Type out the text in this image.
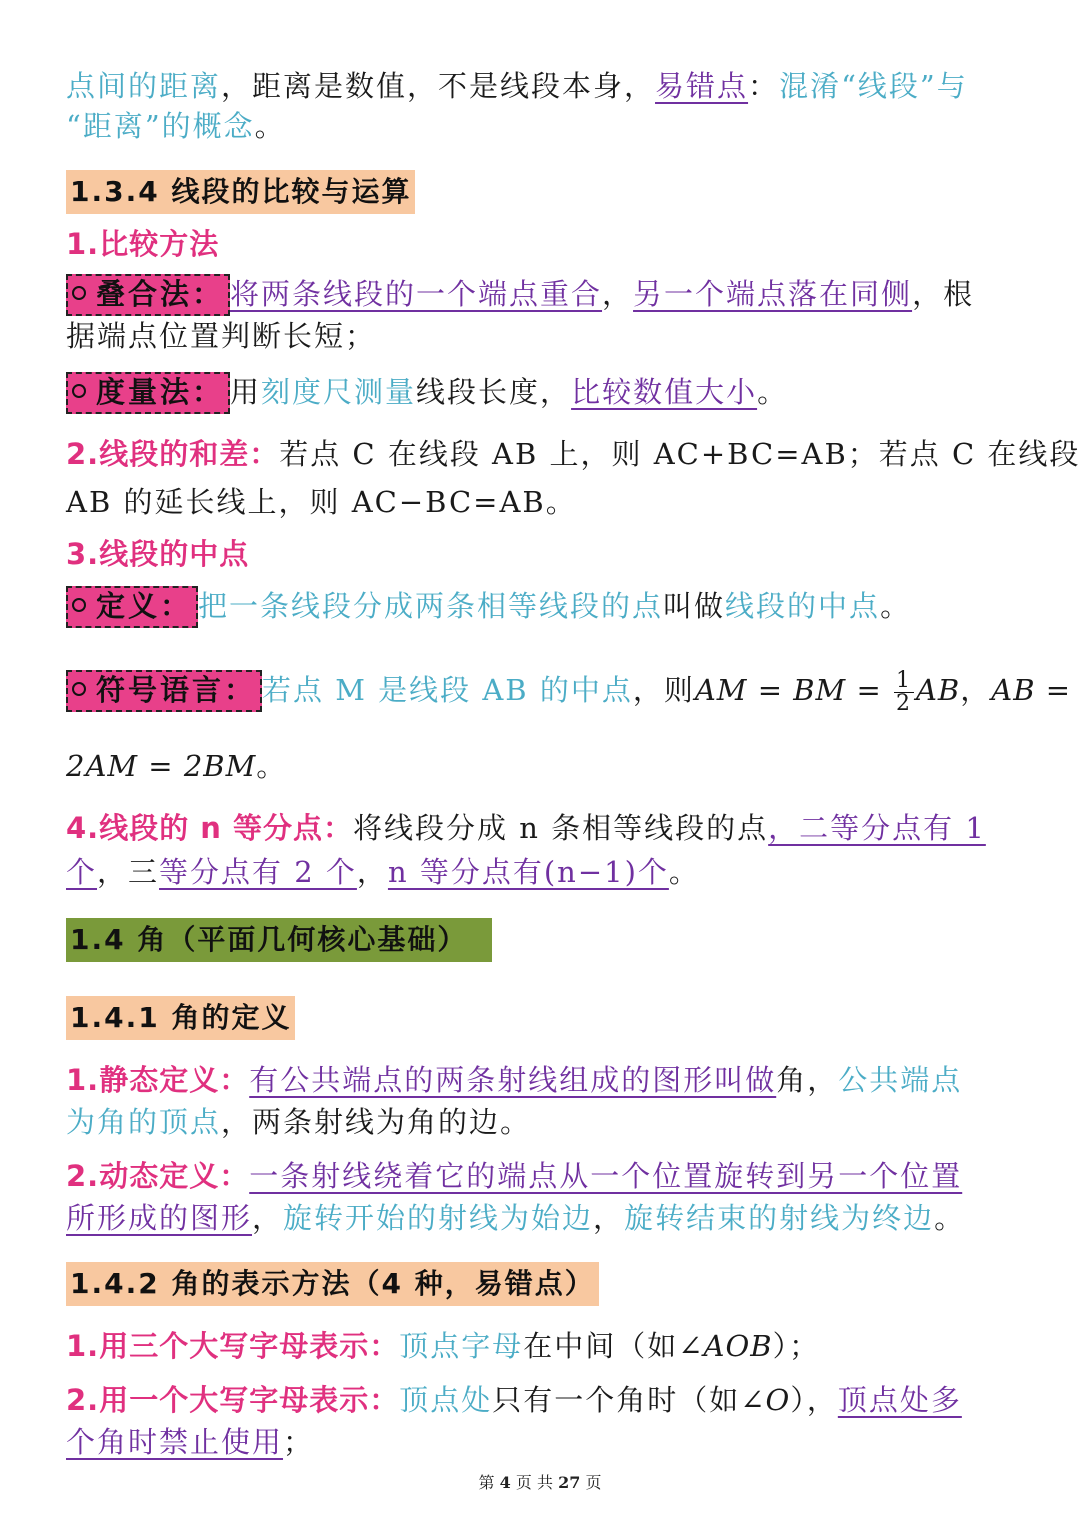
点间的距离，距离是数值，不是线段本身，易错点：混淆“线段”与
“距离”的概念。
1.3.4 线段的比较与运算
1.比较方法
叠合法： 将两条线段的一个端点重合，另一个端点落在同侧，根
据端点位置判断长短；
度量法： 用刻度尺测量线段长度，比较数值大小。
2.线段的和差：若点 C 在线段 AB 上，则 AC+BC=AB；若点 C 在线段
AB 的延长线上，则 AC−BC=AB。
3.线段的中点
定义： 把一条线段分成两条相等线段的点叫做线段的中点。
符号语言： 若点 M 是线段 AB 的中点，则AM = BM = $\frac{1}{2}$ AB，AB =
2AM = 2BM。
4.线段的 n 等分点：将线段分成 n 条相等线段的点，二等分点有 1
个，三等分点有 2 个，n 等分点有(n−1)个。
1.4 角（平面几何核心基础）
1.4.1 角的定义
1.静态定义：有公共端点的两条射线组成的图形叫做角，公共端点
为角的顶点，两条射线为角的边。
2.动态定义：一条射线绕着它的端点从一个位置旋转到另一个位置
所形成的图形，旋转开始的射线为始边，旋转结束的射线为终边。
1.4.2 角的表示方法（4 种，易错点）
1.用三个大写字母表示：顶点字母在中间（如∠AOB）；
2.用一个大写字母表示：顶点处只有一个角时（如∠O），顶点处多
个角时禁止使用；
第 4 页 共 27 页
